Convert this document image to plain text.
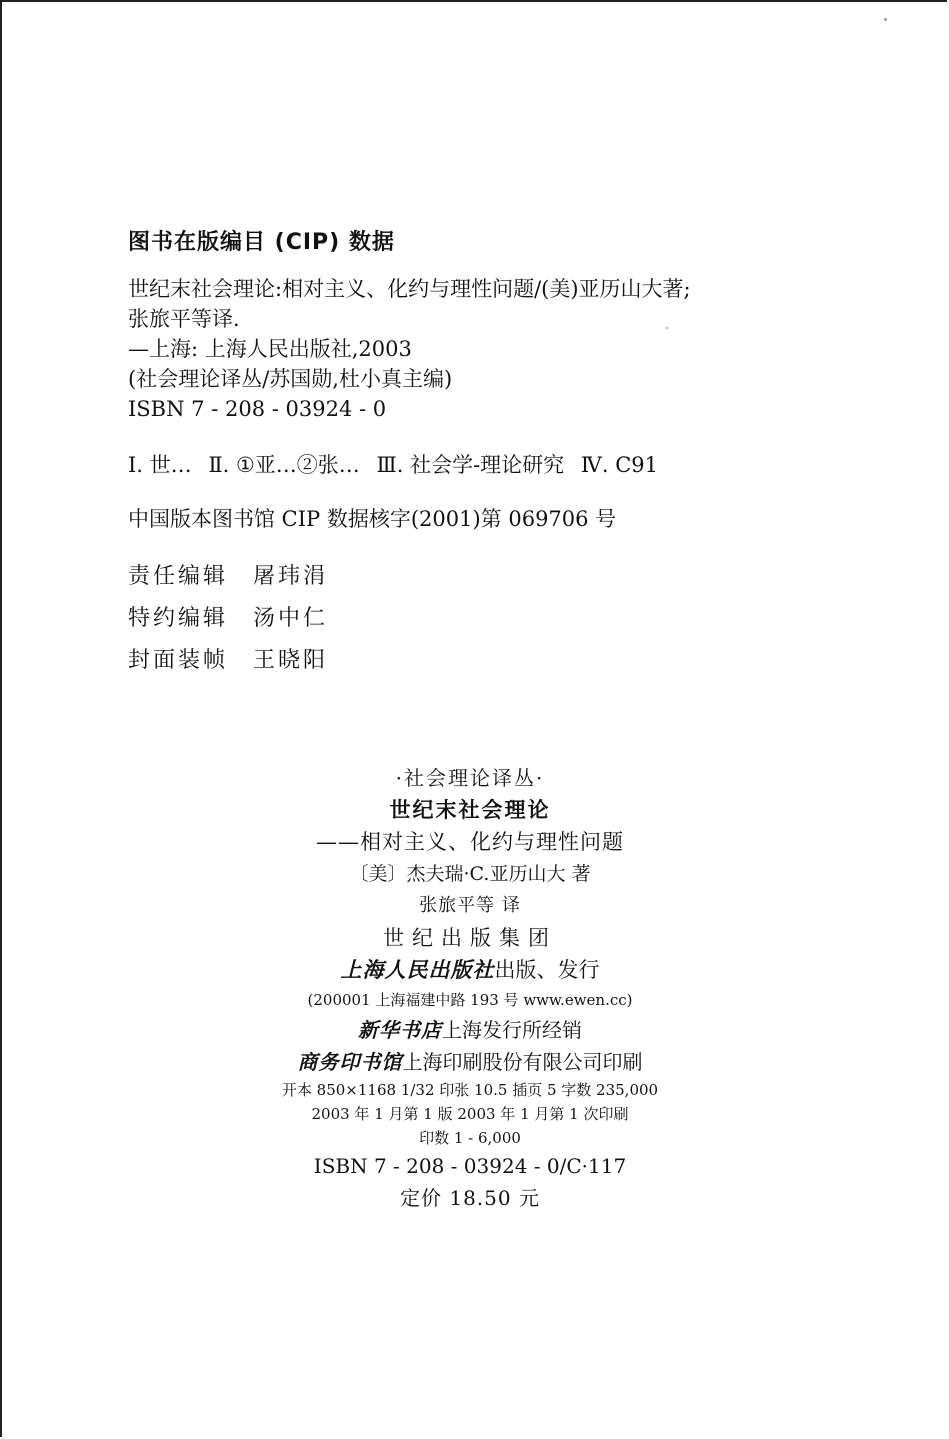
图书在版编目 (CIP) 数据
世纪末社会理论:相对主义、化约与理性问题/(美)亚历山大著;
张旅平等译.
—上海: 上海人民出版社,2003
(社会理论译丛/苏国勋,杜小真主编)
ISBN 7 - 208 - 03924 - 0
Ⅰ. 世… Ⅱ. ①亚…②张… Ⅲ. 社会学-理论研究 Ⅳ. C91
中国版本图书馆 CIP 数据核字(2001)第 069706 号
责任编辑 屠玮涓
特约编辑 汤中仁
封面装帧 王晓阳
·社会理论译丛·
世纪末社会理论
——相对主义、化约与理性问题
〔美〕杰夫瑞·C.亚历山大 著
张旅平等 译
世纪出版集团
上海人民出版社出版、发行
(200001 上海福建中路 193 号 www.ewen.cc)
新华书店上海发行所经销
商务印书馆上海印刷股份有限公司印刷
开本 850×1168 1/32 印张 10.5 插页 5 字数 235,000
2003 年 1 月第 1 版 2003 年 1 月第 1 次印刷
印数 1 - 6,000
ISBN 7 - 208 - 03924 - 0/C·117
定价 18.50 元
